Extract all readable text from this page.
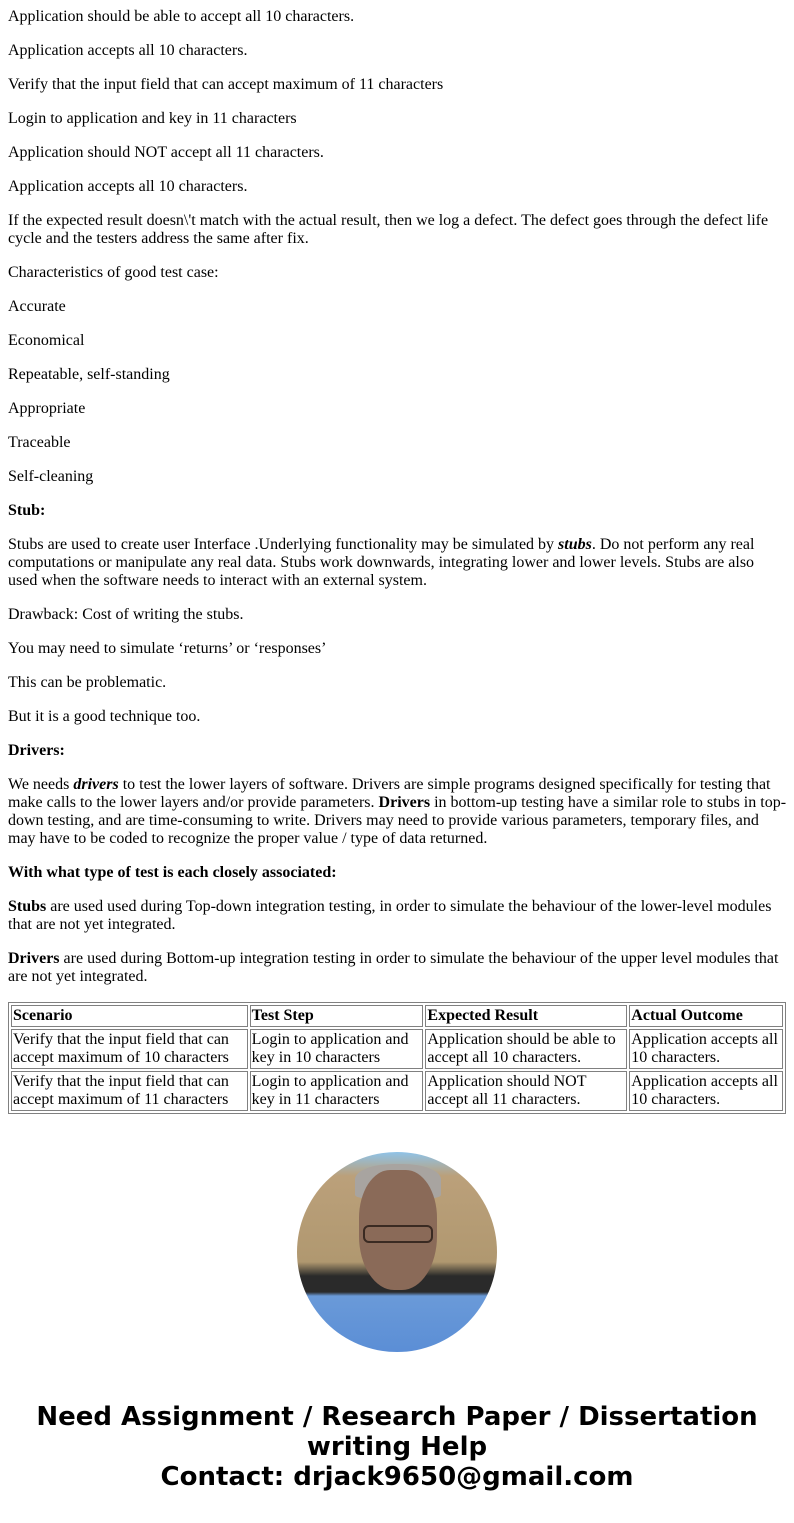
Application should be able to accept all 10 characters.

Application accepts all 10 characters.

Verify that the input field that can accept maximum of 11 characters

Login to application and key in 11 characters

Application should NOT accept all 11 characters.

Application accepts all 10 characters.

If the expected result doesn\'t match with the actual result, then we log a defect. The defect goes through the defect life cycle and the testers address the same after fix.

Characteristics of good test case:

Accurate

Economical

Repeatable, self-standing

Appropriate

Traceable

Self-cleaning

Stub:

Stubs are used to create user Interface .Underlying functionality may be simulated by stubs. Do not perform any real computations or manipulate any real data. Stubs work downwards, integrating lower and lower levels. Stubs are also used when the software needs to interact with an external system.

Drawback: Cost of writing the stubs.

You may need to simulate ‘returns’ or ‘responses’

This can be problematic.

But it is a good technique too.

Drivers:

We needs drivers to test the lower layers of software. Drivers are simple programs designed specifically for testing that make calls to the lower layers and/or provide parameters. Drivers in bottom-up testing have a similar role to stubs in top-down testing, and are time-consuming to write. Drivers may need to provide various parameters, temporary files, and may have to be coded to recognize the proper value / type of data returned.

With what type of test is each closely associated:

Stubs are used used during Top-down integration testing, in order to simulate the behaviour of the lower-level modules that are not yet integrated.

Drivers are used during Bottom-up integration testing in order to simulate the behaviour of the upper level modules that are not yet integrated.

Scenario	Test Step	Expected Result	Actual Outcome
Verify that the input field that can accept maximum of 10 characters	Login to application and key in 10 characters	Application should be able to accept all 10 characters.	Application accepts all 10 characters.
Verify that the input field that can accept maximum of 11 characters	Login to application and key in 11 characters	Application should NOT accept all 11 characters.	Application accepts all 10 characters.
Need Assignment / Research Paper / Dissertation writing Help
Contact: drjack9650@gmail.com
